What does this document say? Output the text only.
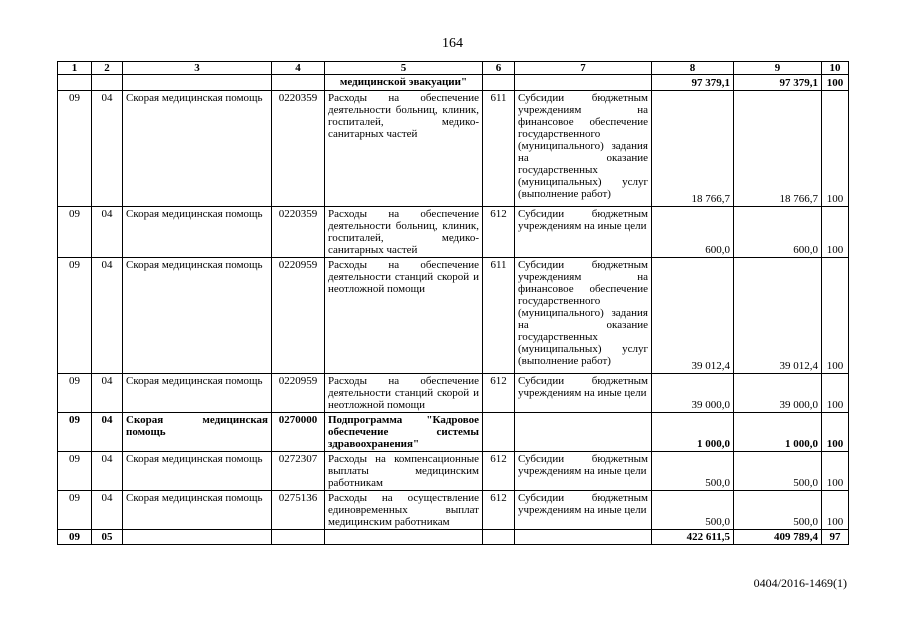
164
1	2	3	4	5	6	7	8	9	10
				медицинской эвакуации"			97 379,1	97 379,1	100
09	04	Скорая медицинская помощь	0220359	Расходы на обеспечение деятельности больниц, клиник, госпиталей, медико-санитарных частей	611	Субсидии бюджетным учреждениям на финансовое обеспечение государственного (муниципального) задания на оказание государственных (муниципальных) услуг (выполнение работ)	18 766,7	18 766,7	100
09	04	Скорая медицинская помощь	0220359	Расходы на обеспечение деятельности больниц, клиник, госпиталей, медико-санитарных частей	612	Субсидии бюджетным учреждениям на иные цели	600,0	600,0	100
09	04	Скорая медицинская помощь	0220959	Расходы на обеспечение деятельности станций скорой и неотложной помощи	611	Субсидии бюджетным учреждениям на финансовое обеспечение государственного (муниципального) задания на оказание государственных (муниципальных) услуг (выполнение работ)	39 012,4	39 012,4	100
09	04	Скорая медицинская помощь	0220959	Расходы на обеспечение деятельности станций скорой и неотложной помощи	612	Субсидии бюджетным учреждениям на иные цели	39 000,0	39 000,0	100
09	04	Скорая медицинская помощь	0270000	Подпрограмма "Кадровое обеспечение системы здравоохранения"			1 000,0	1 000,0	100
09	04	Скорая медицинская помощь	0272307	Расходы на компенсационные выплаты медицинским работникам	612	Субсидии бюджетным учреждениям на иные цели	500,0	500,0	100
09	04	Скорая медицинская помощь	0275136	Расходы на осуществление единовременных выплат медицинским работникам	612	Субсидии бюджетным учреждениям на иные цели	500,0	500,0	100
09	05						422 611,5	409 789,4	97
0404/2016-1469(1)
